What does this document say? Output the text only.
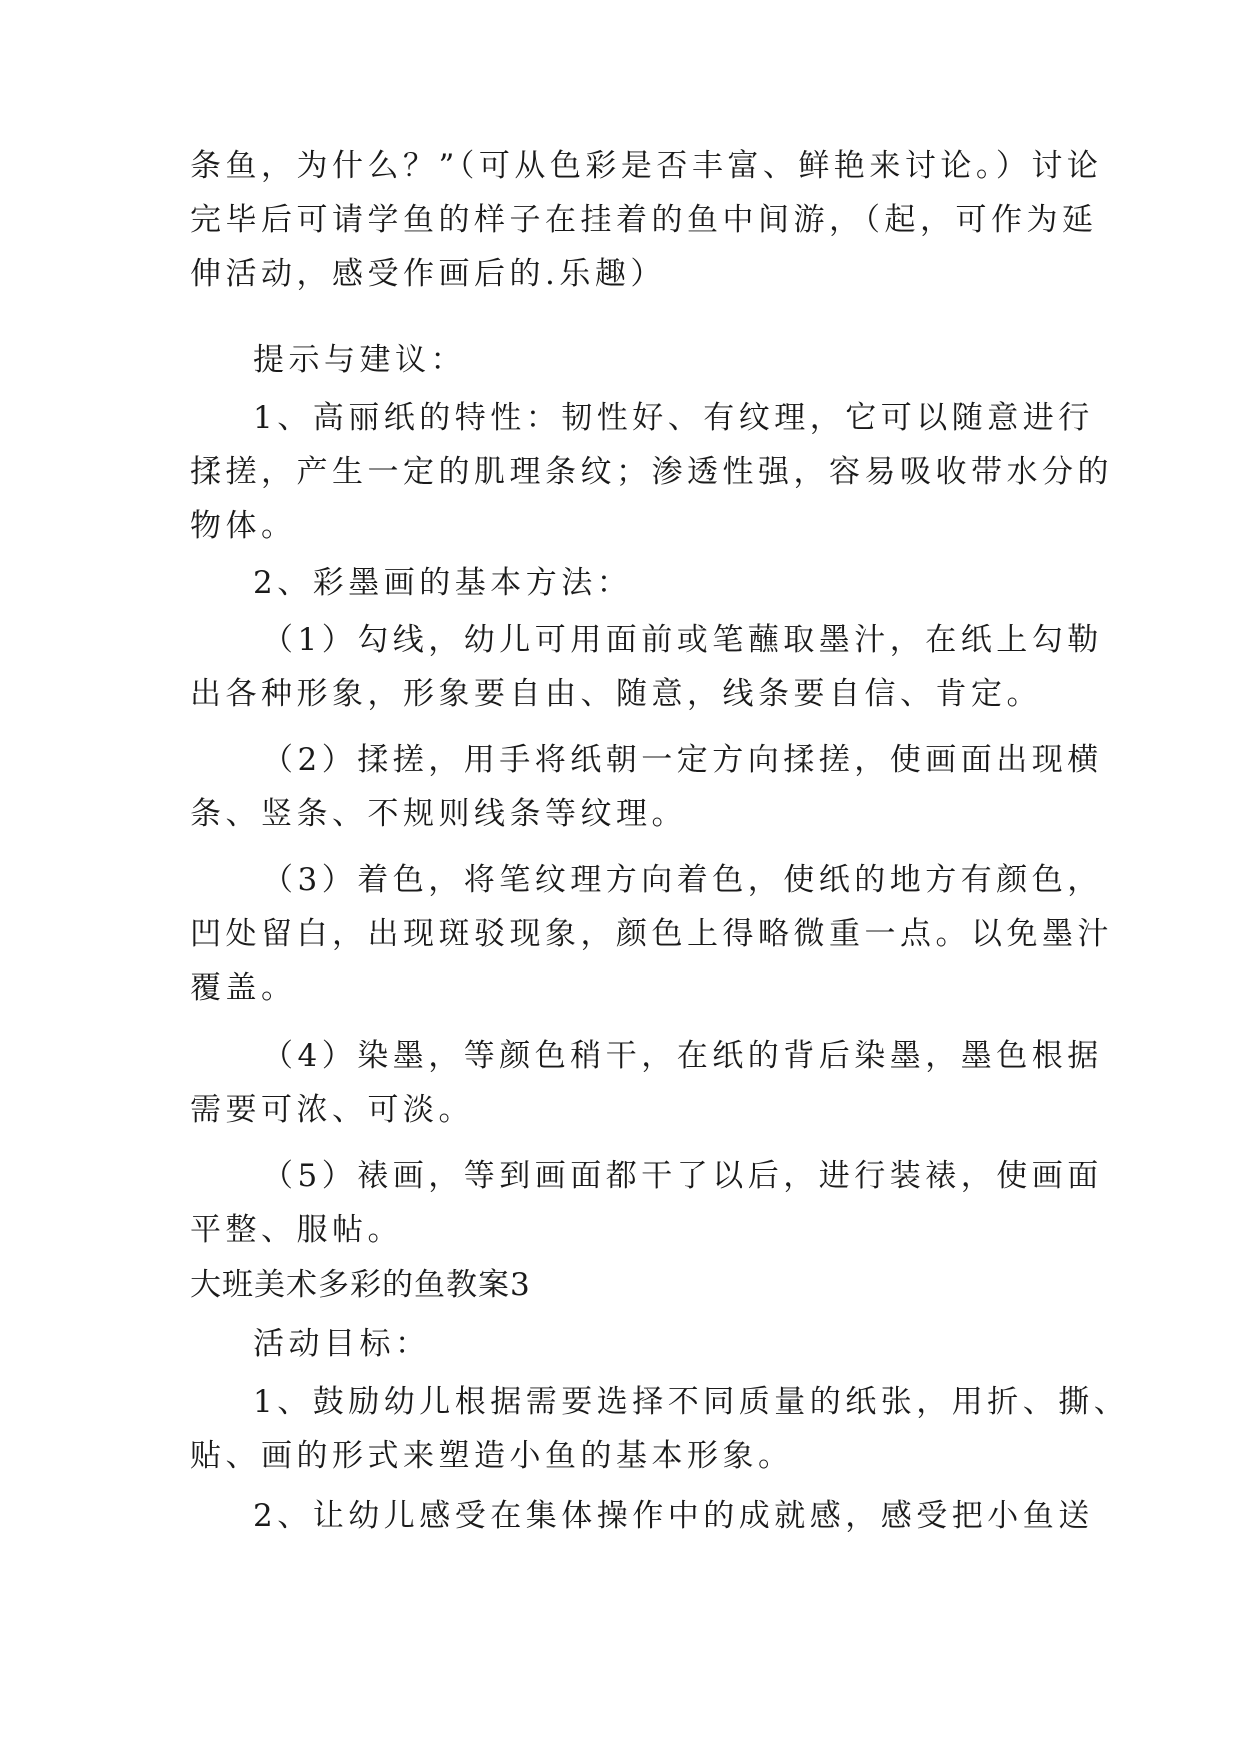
条鱼，为什么？”（可从色彩是否丰富、鲜艳来讨论。）讨论
完毕后可请学鱼的样子在挂着的鱼中间游，（起，可作为延
伸活动，感受作画后的.乐趣）
提示与建议：
1、高丽纸的特性：韧性好、有纹理，它可以随意进行
揉搓，产生一定的肌理条纹；渗透性强，容易吸收带水分的
物体。
2、彩墨画的基本方法：
（1）勾线，幼儿可用面前或笔蘸取墨汁，在纸上勾勒
出各种形象，形象要自由、随意，线条要自信、肯定。
（2）揉搓，用手将纸朝一定方向揉搓，使画面出现横
条、竖条、不规则线条等纹理。
（3）着色，将笔纹理方向着色，使纸的地方有颜色，
凹处留白，出现斑驳现象，颜色上得略微重一点。以免墨汁
覆盖。
（4）染墨，等颜色稍干，在纸的背后染墨，墨色根据
需要可浓、可淡。
（5）裱画，等到画面都干了以后，进行装裱，使画面
平整、服帖。
大班美术多彩的鱼教案3
活动目标：
1、鼓励幼儿根据需要选择不同质量的纸张，用折、撕、
贴、画的形式来塑造小鱼的基本形象。
2、让幼儿感受在集体操作中的成就感，感受把小鱼送
